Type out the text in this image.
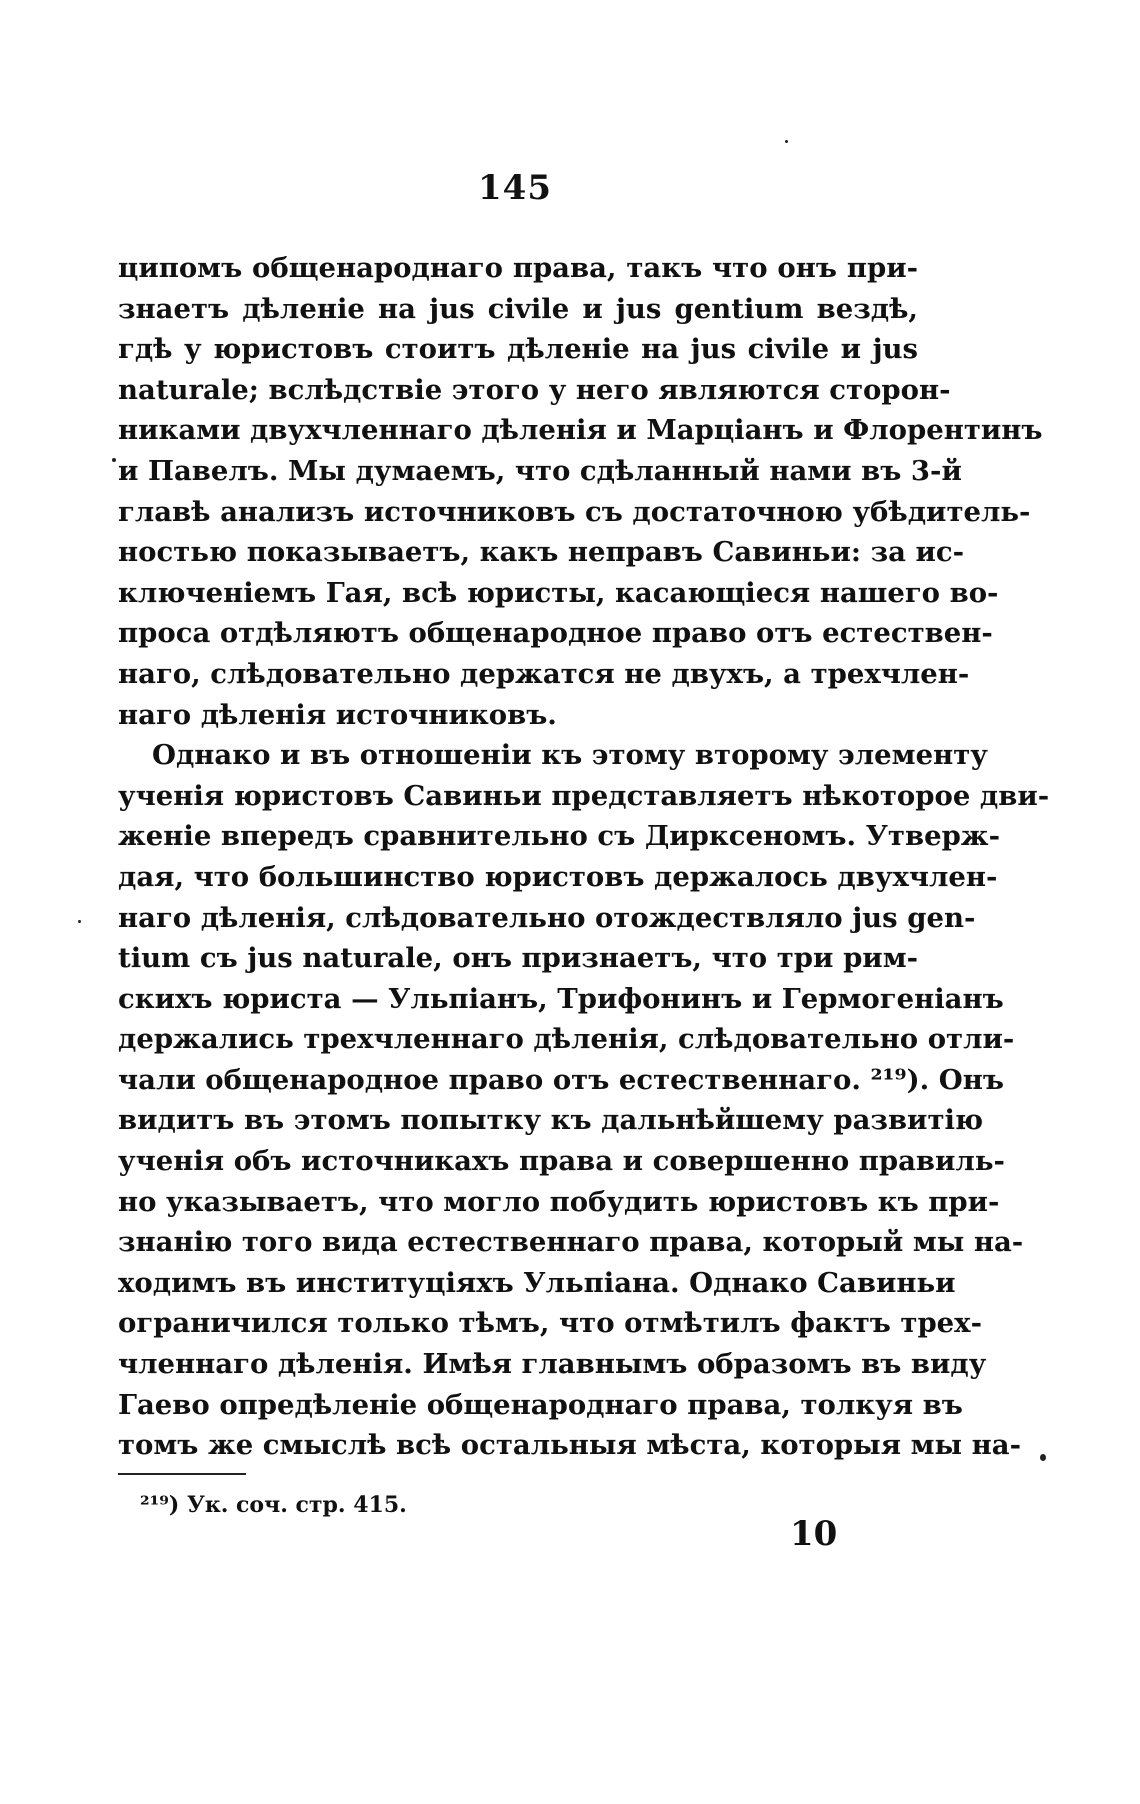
145
ципомъ общенароднаго права, такъ что онъ при-
знаетъ дѣленіе на jus civile и jus gentium вездѣ,
гдѣ у юристовъ стоитъ дѣленіе на jus civile и jus
naturale; вслѣдствіе этого у него являются сторон-
никами двухчленнаго дѣленія и Марціанъ и Флорентинъ
и Павелъ. Мы думаемъ, что сдѣланный нами въ 3-й
главѣ анализъ источниковъ съ достаточною убѣдитель-
ностью показываетъ, какъ неправъ Савиньи: за ис-
ключеніемъ Гая, всѣ юристы, касающіеся нашего во-
проса отдѣляютъ общенародное право отъ естествен-
наго, слѣдовательно держатся не двухъ, а трехчлен-
наго дѣленія источниковъ.
Однако и въ отношеніи къ этому второму элементу
ученія юристовъ Савиньи представляетъ нѣкоторое дви-
женіе впередъ сравнительно съ Дирксеномъ. Утверж-
дая, что большинство юристовъ держалось двухчлен-
наго дѣленія, слѣдовательно отождествляло jus gen-
tium съ jus naturale, онъ признаетъ, что три рим-
скихъ юриста — Ульпіанъ, Трифонинъ и Гермогеніанъ
держались трехчленнаго дѣленія, слѣдовательно отли-
чали общенародное право отъ естественнаго. ²¹⁹). Онъ
видитъ въ этомъ попытку къ дальнѣйшему развитію
ученія объ источникахъ права и совершенно правиль-
но указываетъ, что могло побудить юристовъ къ при-
знанію того вида естественнаго права, который мы на-
ходимъ въ институціяхъ Ульпіана. Однако Савиньи
ограничился только тѣмъ, что отмѣтилъ фактъ трех-
членнаго дѣленія. Имѣя главнымъ образомъ въ виду
Гаево опредѣленіе общенароднаго права, толкуя въ
томъ же смыслѣ всѣ остальныя мѣста, которыя мы на-
²¹⁹) Ук. соч. стр. 415.
10
